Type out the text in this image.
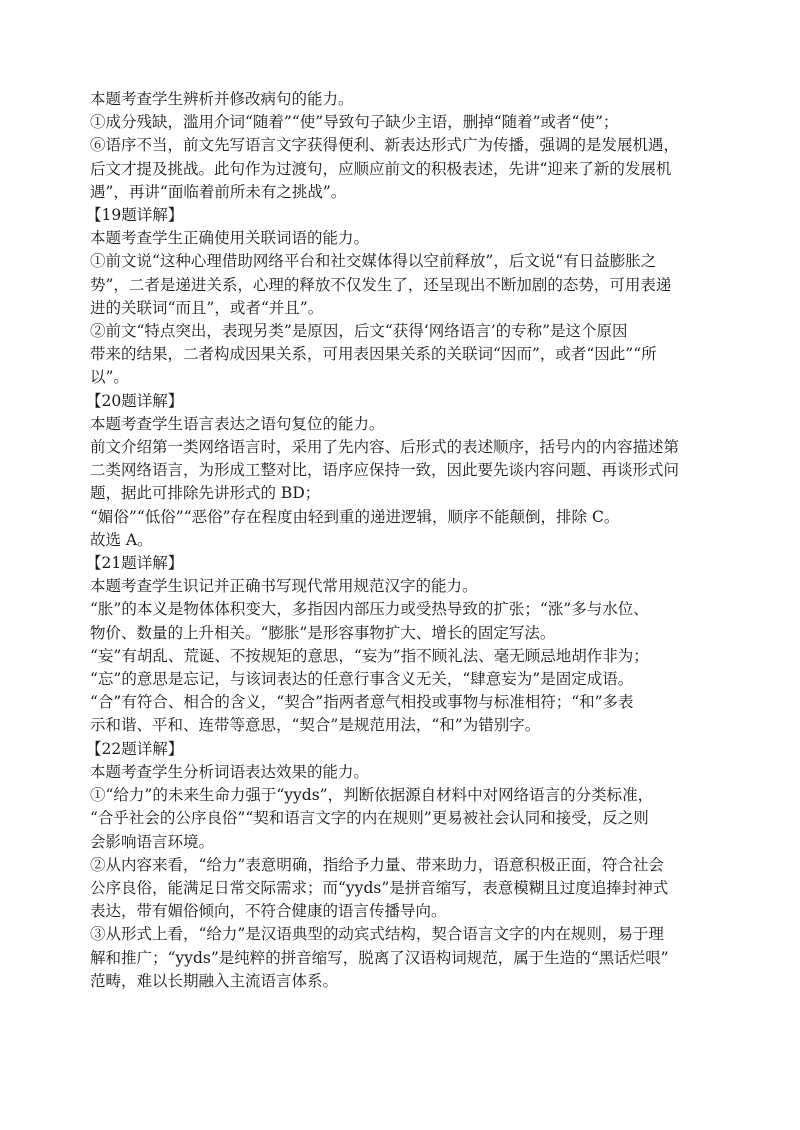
本题考查学生辨析并修改病句的能力。
①成分残缺，滥用介词“随着”“使”导致句子缺少主语，删掉“随着”或者“使”；
⑥语序不当，前文先写语言文字获得便利、新表达形式广为传播，强调的是发展机遇，
后文才提及挑战。此句作为过渡句，应顺应前文的积极表述，先讲“迎来了新的发展机
遇”，再讲“面临着前所未有之挑战”。
【19题详解】
本题考查学生正确使用关联词语的能力。
①前文说“这种心理借助网络平台和社交媒体得以空前释放”，后文说“有日益膨胀之
势”，二者是递进关系，心理的释放不仅发生了，还呈现出不断加剧的态势，可用表递
进的关联词“而且”，或者“并且”。
②前文“特点突出，表现另类”是原因，后文“获得‘网络语言’的专称”是这个原因
带来的结果，二者构成因果关系，可用表因果关系的关联词“因而”，或者“因此”“所
以”。
【20题详解】
本题考查学生语言表达之语句复位的能力。
前文介绍第一类网络语言时，采用了先内容、后形式的表述顺序，括号内的内容描述第
二类网络语言，为形成工整对比，语序应保持一致，因此要先谈内容问题、再谈形式问
题，据此可排除先讲形式的 BD；
“媚俗”“低俗”“恶俗”存在程度由轻到重的递进逻辑，顺序不能颠倒，排除 C。
故选 A。
【21题详解】
本题考查学生识记并正确书写现代常用规范汉字的能力。
“胀”的本义是物体体积变大，多指因内部压力或受热导致的扩张；“涨”多与水位、
物价、数量的上升相关。“膨胀”是形容事物扩大、增长的固定写法。
“妄”有胡乱、荒诞、不按规矩的意思，“妄为”指不顾礼法、毫无顾忌地胡作非为；
“忘”的意思是忘记，与该词表达的任意行事含义无关，“肆意妄为”是固定成语。
“合”有符合、相合的含义，“契合”指两者意气相投或事物与标准相符；“和”多表
示和谐、平和、连带等意思，“契合”是规范用法，“和”为错别字。
【22题详解】
本题考查学生分析词语表达效果的能力。
①“给力”的未来生命力强于“yyds”，判断依据源自材料中对网络语言的分类标准，
“合乎社会的公序良俗”“契和语言文字的内在规则”更易被社会认同和接受，反之则
会影响语言环境。
②从内容来看，“给力”表意明确，指给予力量、带来助力，语意积极正面，符合社会
公序良俗，能满足日常交际需求；而“yyds”是拼音缩写，表意模糊且过度追捧封神式
表达，带有媚俗倾向，不符合健康的语言传播导向。
③从形式上看，“给力”是汉语典型的动宾式结构，契合语言文字的内在规则，易于理
解和推广；“yyds”是纯粹的拼音缩写，脱离了汉语构词规范，属于生造的“黑话烂哏”
范畴，难以长期融入主流语言体系。
